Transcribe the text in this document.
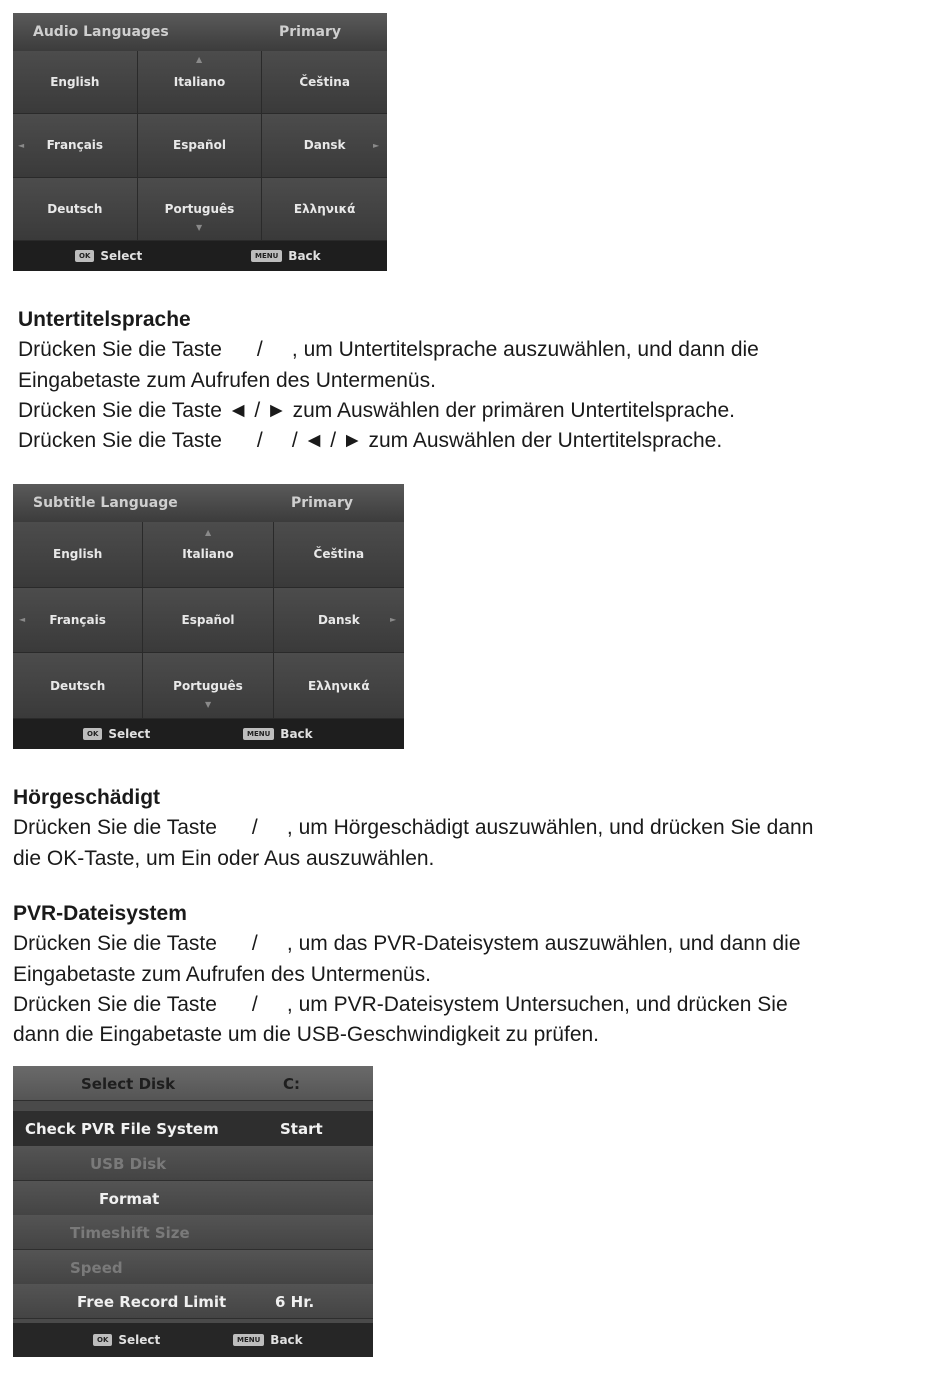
Audio Languages	Primary
English	Italiano	Čeština
Français	Español	Dansk
Deutsch	Português	Ελληνικά
▲
▼
◄	►
OK Select	MENU Back

Untertitelsprache

Drücken Sie die Taste      /     , um Untertitelsprache auszuwählen, und dann die

Eingabetaste zum Aufrufen des Untermenüs.

Drücken Sie die Taste ◄ / ► zum Auswählen der primären Untertitelsprache.

Drücken Sie die Taste      /     / ◄ / ► zum Auswählen der Untertitelsprache.

Subtitle Language	Primary
English	Italiano	Čeština
Français	Español	Dansk
Deutsch	Português	Ελληνικά
▲
▼
◄	►
OK Select	MENU Back

Hörgeschädigt

Drücken Sie die Taste      /     , um Hörgeschädigt auszuwählen, und drücken Sie dann

die OK-Taste, um Ein oder Aus auszuwählen.

PVR-Dateisystem

Drücken Sie die Taste      /     , um das PVR-Dateisystem auszuwählen, und dann die

Eingabetaste zum Aufrufen des Untermenüs.

Drücken Sie die Taste      /     , um PVR-Dateisystem Untersuchen, und drücken Sie

dann die Eingabetaste um die USB-Geschwindigkeit zu prüfen.

Select Disk	C:
Check PVR File System	Start
USB Disk
Format
Timeshift Size
Speed
Free Record Limit	6 Hr.
OK Select	MENU Back
